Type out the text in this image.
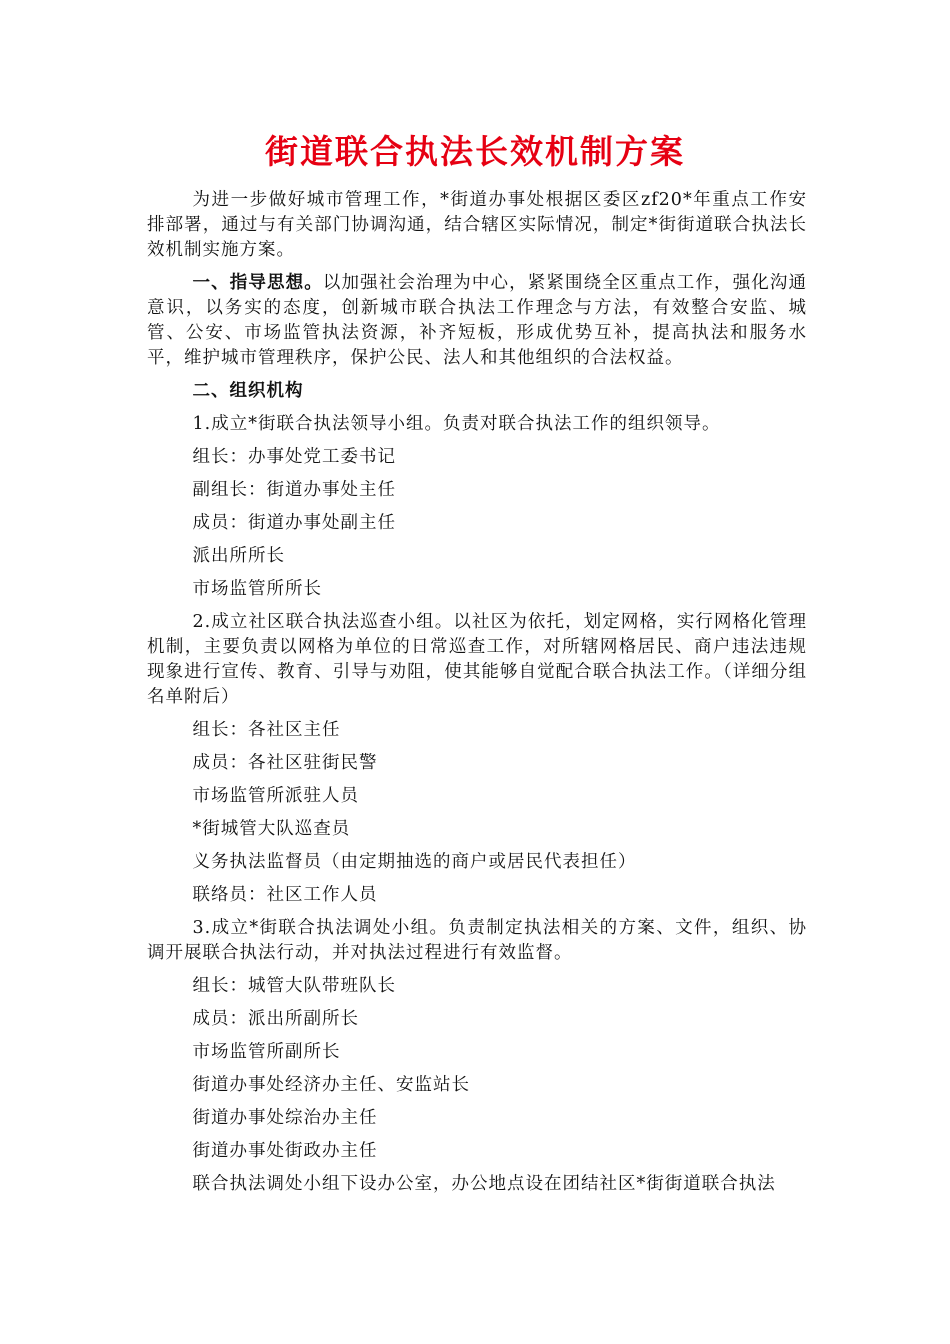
街道联合执法长效机制方案

为进一步做好城市管理工作，*街道办事处根据区委区zf20*年重点工作安排部署，通过与有关部门协调沟通，结合辖区实际情况，制定*街街道联合执法长效机制实施方案。

一、指导思想。以加强社会治理为中心，紧紧围绕全区重点工作，强化沟通意识，以务实的态度，创新城市联合执法工作理念与方法，有效整合安监、城管、公安、市场监管执法资源，补齐短板，形成优势互补，提高执法和服务水平，维护城市管理秩序，保护公民、法人和其他组织的合法权益。

二、组织机构

1.成立*街联合执法领导小组。负责对联合执法工作的组织领导。

组长：办事处党工委书记

副组长：街道办事处主任

成员：街道办事处副主任

派出所所长

市场监管所所长

2.成立社区联合执法巡查小组。以社区为依托，划定网格，实行网格化管理机制，主要负责以网格为单位的日常巡查工作，对所辖网格居民、商户违法违规现象进行宣传、教育、引导与劝阻，使其能够自觉配合联合执法工作。（详细分组名单附后）

组长：各社区主任

成员：各社区驻街民警

市场监管所派驻人员

*街城管大队巡查员

义务执法监督员（由定期抽选的商户或居民代表担任）

联络员：社区工作人员

3.成立*街联合执法调处小组。负责制定执法相关的方案、文件，组织、协调开展联合执法行动，并对执法过程进行有效监督。

组长：城管大队带班队长

成员：派出所副所长

市场监管所副所长

街道办事处经济办主任、安监站长

街道办事处综治办主任

街道办事处街政办主任

联合执法调处小组下设办公室，办公地点设在团结社区*街街道联合执法
